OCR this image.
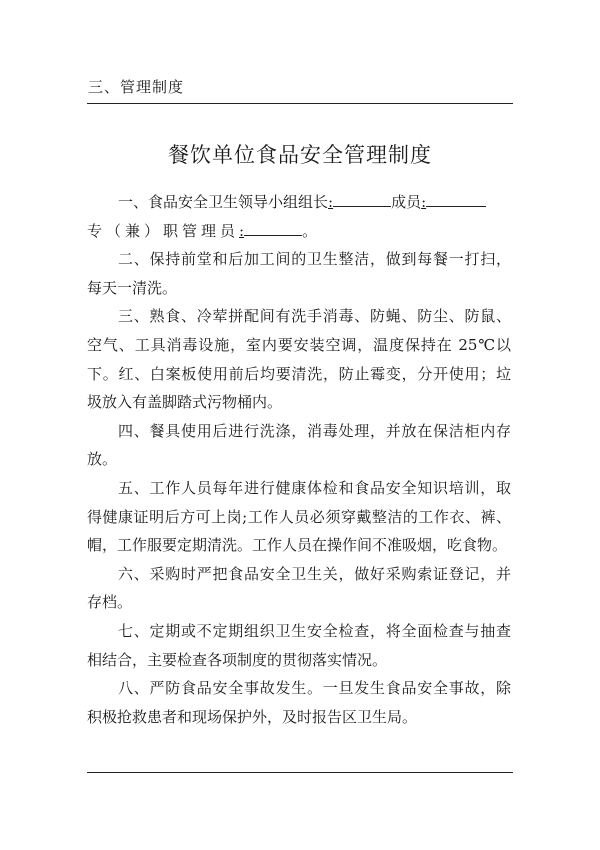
三、管理制度
餐饮单位食品安全管理制度
一、食品安全卫生领导小组组长:	成员:
专（兼）职管理员:	。
二、保持前堂和后加工间的卫生整洁，做到每餐一打扫，
每天一清洗。
三、熟食、冷荤拼配间有洗手消毒、防蝇、防尘、防鼠、
空气、工具消毒设施，室内要安装空调，温度保持在 25℃以
下。红、白案板使用前后均要清洗，防止霉变，分开使用；垃
圾放入有盖脚踏式污物桶内。
四、餐具使用后进行洗涤，消毒处理，并放在保洁柜内存
放。
五、工作人员每年进行健康体检和食品安全知识培训，取
得健康证明后方可上岗;工作人员必须穿戴整洁的工作衣、裤、
帽，工作服要定期清洗。工作人员在操作间不准吸烟，吃食物。
六、采购时严把食品安全卫生关，做好采购索证登记，并
存档。
七、定期或不定期组织卫生安全检查，将全面检查与抽查
相结合，主要检查各项制度的贯彻落实情况。
八、严防食品安全事故发生。一旦发生食品安全事故，除
积极抢救患者和现场保护外，及时报告区卫生局。
